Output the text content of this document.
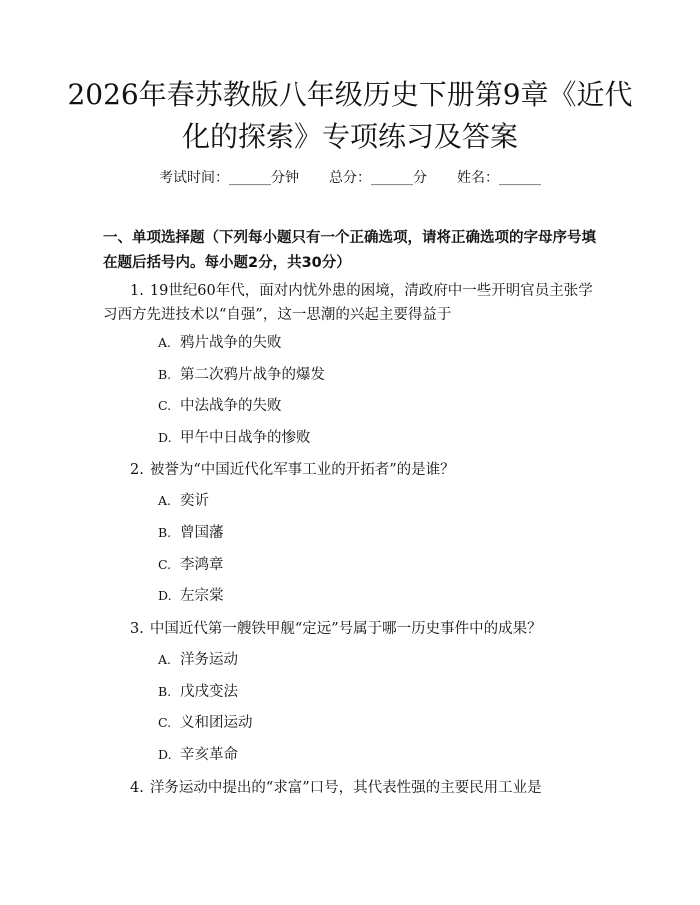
2026年春苏教版八年级历史下册第9章《近代化的探索》专项练习及答案
考试时间：______分钟 总分：______分 姓名：______

一、单项选择题（下列每小题只有一个正确选项，请将正确选项的字母序号填在题后括号内。每小题2分，共30分）

1. 19世纪60年代，面对内忧外患的困境，清政府中一些开明官员主张学习西方先进技术以“自强”，这一思潮的兴起主要得益于

A. 鸦片战争的失败
B. 第二次鸦片战争的爆发
C. 中法战争的失败
D. 甲午中日战争的惨败

2. 被誉为“中国近代化军事工业的开拓者”的是谁？

A. 奕䜣
B. 曾国藩
C. 李鸿章
D. 左宗棠

3. 中国近代第一艘铁甲舰“定远”号属于哪一历史事件中的成果？

A. 洋务运动
B. 戊戌变法
C. 义和团运动
D. 辛亥革命

4. 洋务运动中提出的“求富”口号，其代表性强的主要民用工业是
